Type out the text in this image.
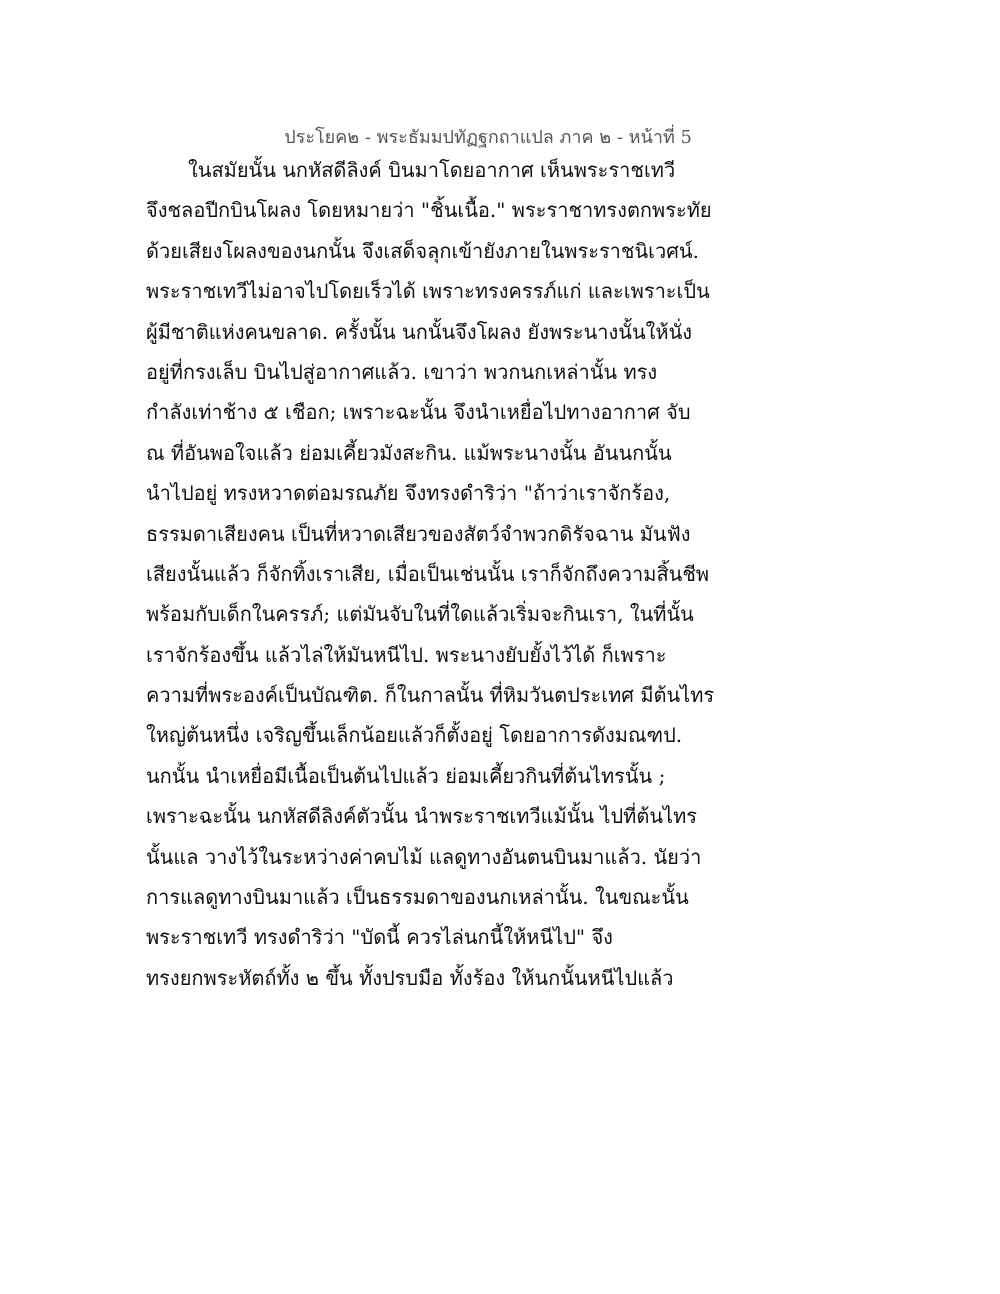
ประโยค๒ - พระธัมมปทัฏฐกถาแปล ภาค ๒ - หน้าที่ 5
ในสมัยนั้น นกหัสดีลิงค์ บินมาโดยอากาศ เห็นพระราชเทวี
จึงชลอปีกบินโผลง โดยหมายว่า "ชิ้นเนื้อ." พระราชาทรงตกพระทัย
ด้วยเสียงโผลงของนกนั้น จึงเสด็จลุกเข้ายังภายในพระราชนิเวศน์.
พระราชเทวีไม่อาจไปโดยเร็วได้ เพราะทรงครรภ์แก่ และเพราะเป็น
ผู้มีชาติแห่งคนขลาด. ครั้งนั้น นกนั้นจึงโผลง ยังพระนางนั้นให้นั่ง
อยู่ที่กรงเล็บ บินไปสู่อากาศแล้ว. เขาว่า พวกนกเหล่านั้น ทรง
กำลังเท่าช้าง ๕ เชือก; เพราะฉะนั้น จึงนำเหยื่อไปทางอากาศ จับ
ณ ที่อันพอใจแล้ว ย่อมเคี้ยวมังสะกิน. แม้พระนางนั้น อันนกนั้น
นำไปอยู่ ทรงหวาดต่อมรณภัย จึงทรงดำริว่า "ถ้าว่าเราจักร้อง,
ธรรมดาเสียงคน เป็นที่หวาดเสียวของสัตว์จำพวกดิรัจฉาน มันฟัง
เสียงนั้นแล้ว ก็จักทิ้งเราเสีย, เมื่อเป็นเช่นนั้น เราก็จักถึงความสิ้นชีพ
พร้อมกับเด็กในครรภ์; แต่มันจับในที่ใดแล้วเริ่มจะกินเรา, ในที่นั้น
เราจักร้องขึ้น แล้วไล่ให้มันหนีไป. พระนางยับยั้งไว้ได้ ก็เพราะ
ความที่พระองค์เป็นบัณฑิต. ก็ในกาลนั้น ที่หิมวันตประเทศ มีต้นไทร
ใหญ่ต้นหนึ่ง เจริญขึ้นเล็กน้อยแล้วก็ตั้งอยู่ โดยอาการดังมณฑป.
นกนั้น นำเหยื่อมีเนื้อเป็นต้นไปแล้ว ย่อมเคี้ยวกินที่ต้นไทรนั้น ;
เพราะฉะนั้น นกหัสดีลิงค์ตัวนั้น นำพระราชเทวีแม้นั้น ไปที่ต้นไทร
นั้นแล วางไว้ในระหว่างค่าคบไม้ แลดูทางอันตนบินมาแล้ว. นัยว่า
การแลดูทางบินมาแล้ว เป็นธรรมดาของนกเหล่านั้น. ในขณะนั้น
พระราชเทวี ทรงดำริว่า "บัดนี้ ควรไล่นกนี้ให้หนีไป" จึง
ทรงยกพระหัตถ์ทั้ง ๒ ขึ้น ทั้งปรบมือ ทั้งร้อง ให้นกนั้นหนีไปแล้ว
